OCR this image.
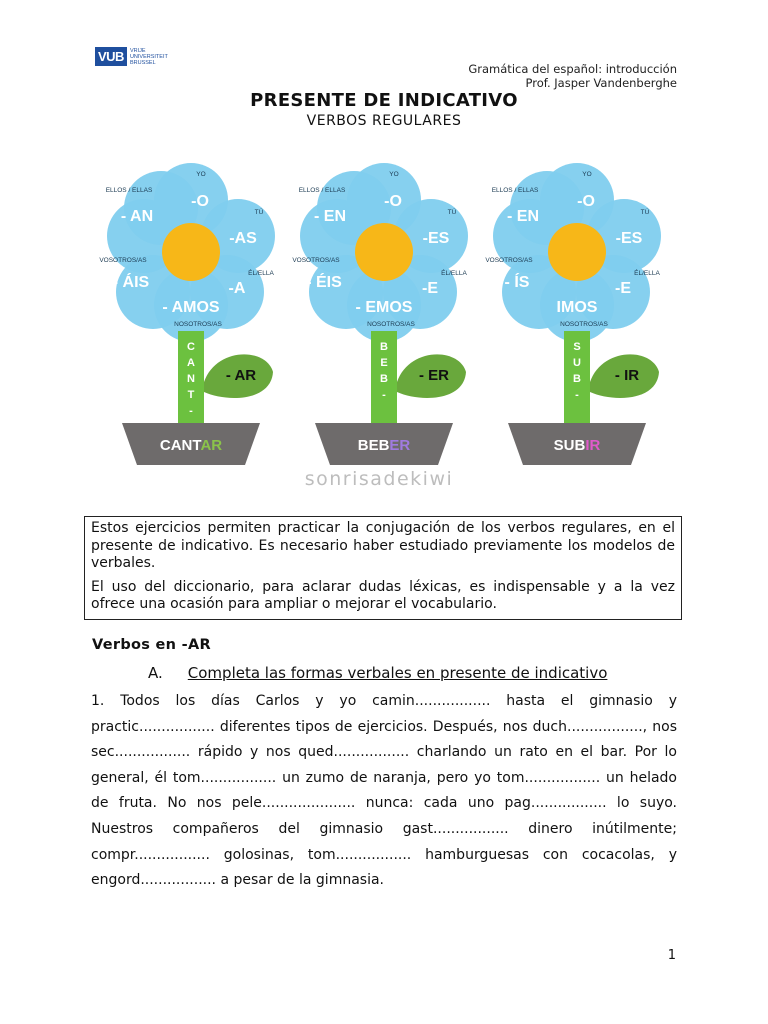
VUB	VRIJE
UNIVERSITEIT
BRUSSEL	Gramática del español: introducción
Prof. Jasper Vandenberghe
PRESENTE DE INDICATIVO
VERBOS REGULARES
YO
TÚ
ÉL/ELLA
NOSOTROS/AS
VOSOTROS/AS
ELLOS / ELLAS
-O
-AS
-A
- AMOS
- ÁIS
- AN
C
A
N
T
-
- AR
CANTAR
YO
TÚ
ÉL/ELLA
NOSOTROS/AS
VOSOTROS/AS
ELLOS / ELLAS
-O
-ES
-E
- EMOS
- ÉIS
- EN
B
E
B
-
- ER
BEBER
YO
TÚ
ÉL/ELLA
NOSOTROS/AS
VOSOTROS/AS
ELLOS / ELLAS
-O
-ES
-E
IMOS
- ÍS
- EN
S
U
B
-
- IR
SUBIR
sonrisadekiwi

Estos ejercicios permiten practicar la conjugación de los verbos regulares, en el presente de indicativo. Es necesario haber estudiado previamente los modelos de verbales.

El uso del diccionario, para aclarar dudas léxicas, es indispensable y a la vez ofrece una ocasión para ampliar o mejorar el vocabulario.

Verbos en -AR
A. Completa las formas verbales en presente de indicativo
1. Todos los días Carlos y yo camin................. hasta el gimnasio y practic................. diferentes tipos de ejercicios. Después, nos duch................., nos sec................. rápido y nos qued................. charlando un rato en el bar. Por lo general, él tom................. un zumo de naranja, pero yo tom................. un helado de fruta. No nos pele..................... nunca: cada uno pag................. lo suyo. Nuestros compañeros del gimnasio gast................. dinero inútilmente; compr................. golosinas, tom................. hamburguesas con cocacolas, y engord................. a pesar de la gimnasia.
1
